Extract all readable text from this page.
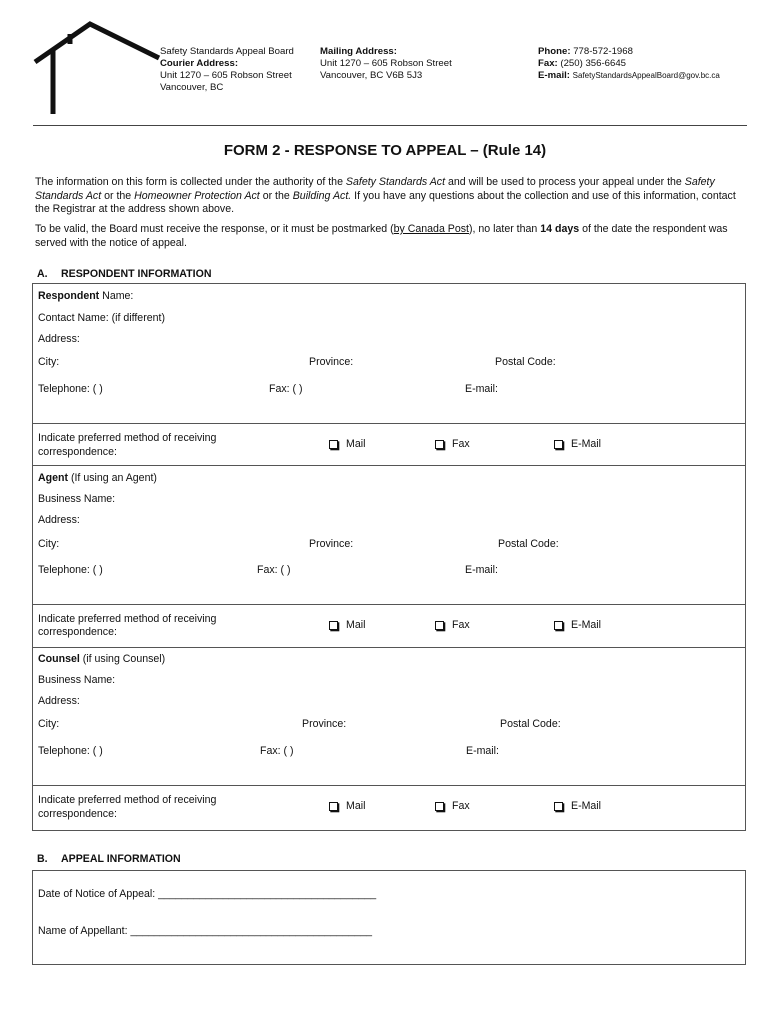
Safety Standards Appeal Board
Courier Address:
Unit 1270 – 605 Robson Street
Vancouver, BC
Mailing Address:
Unit 1270 – 605 Robson Street
Vancouver, BC V6B 5J3
Phone: 778-572-1968
Fax: (250) 356-6645
E-mail: SafetyStandardsAppealBoard@gov.bc.ca
FORM 2 - RESPONSE TO APPEAL – (Rule 14)
The information on this form is collected under the authority of the Safety Standards Act and will be used to process your appeal under the Safety Standards Act or the Homeowner Protection Act or the Building Act. If you have any questions about the collection and use of this information, contact the Registrar at the address shown above.
To be valid, the Board must receive the response, or it must be postmarked (by Canada Post), no later than 14 days of the date the respondent was served with the notice of appeal.
A. RESPONDENT INFORMATION
Respondent Name:
Contact Name: (if different)
Address:
City:	Province:	Postal Code:
Telephone: ( )	Fax: ( )	E-mail:
Indicate preferred method of receiving
correspondence:
Mail	Fax	E-Mail
Agent (If using an Agent)
Business Name:
Address:
City:	Province:	Postal Code:
Telephone: ( )	Fax: ( )	E-mail:
Indicate preferred method of receiving
correspondence:
Mail	Fax	E-Mail
Counsel (if using Counsel)
Business Name:
Address:
City:	Province:	Postal Code:
Telephone: ( )	Fax: ( )	E-mail:
Indicate preferred method of receiving
correspondence:
Mail	Fax	E-Mail
B. APPEAL INFORMATION
Date of Notice of Appeal: _____________________________________
Name of Appellant: _________________________________________
